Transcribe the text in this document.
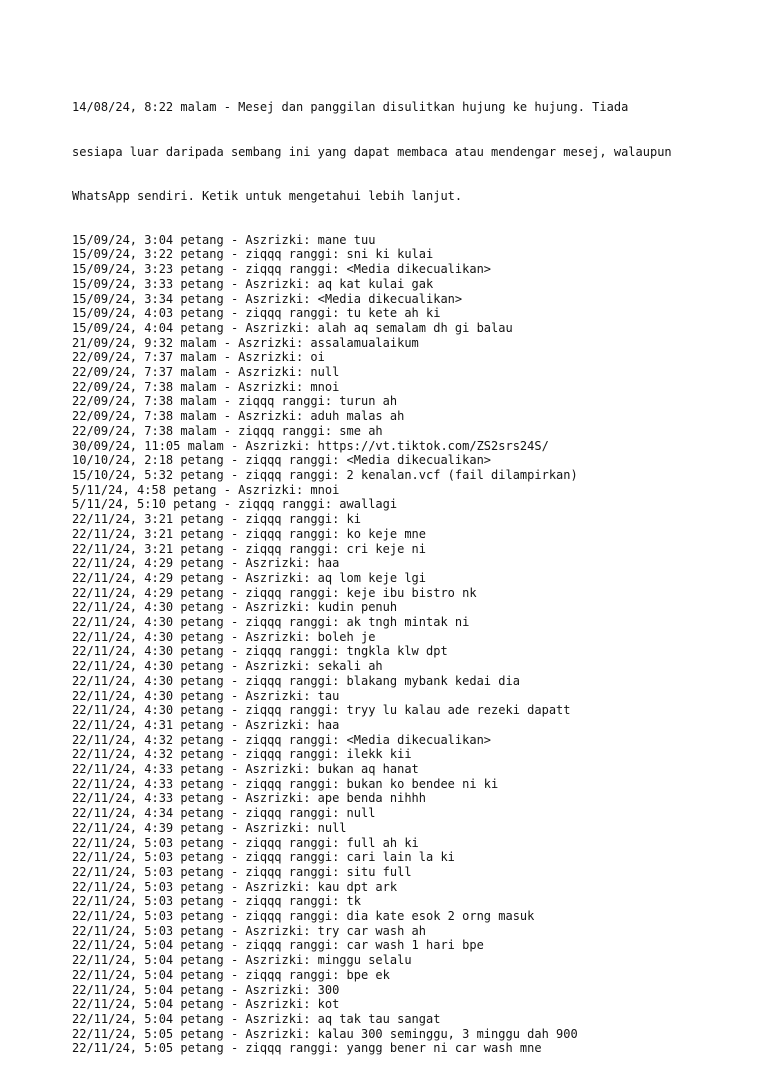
14/08/24, 8:22 malam - Mesej dan panggilan disulitkan hujung ke hujung. Tiada

sesiapa luar daripada sembang ini yang dapat membaca atau mendengar mesej, walaupun

WhatsApp sendiri. Ketik untuk mengetahui lebih lanjut.

15/09/24, 3:04 petang - Aszrizki: mane tuu
15/09/24, 3:22 petang - ziqqq ranggi: sni ki kulai
15/09/24, 3:23 petang - ziqqq ranggi: <Media dikecualikan>
15/09/24, 3:33 petang - Aszrizki: aq kat kulai gak
15/09/24, 3:34 petang - Aszrizki: <Media dikecualikan>
15/09/24, 4:03 petang - ziqqq ranggi: tu kete ah ki
15/09/24, 4:04 petang - Aszrizki: alah aq semalam dh gi balau
21/09/24, 9:32 malam - Aszrizki: assalamualaikum
22/09/24, 7:37 malam - Aszrizki: oi
22/09/24, 7:37 malam - Aszrizki: null
22/09/24, 7:38 malam - Aszrizki: mnoi
22/09/24, 7:38 malam - ziqqq ranggi: turun ah
22/09/24, 7:38 malam - Aszrizki: aduh malas ah
22/09/24, 7:38 malam - ziqqq ranggi: sme ah
30/09/24, 11:05 malam - Aszrizki: https://vt.tiktok.com/ZS2srs24S/
10/10/24, 2:18 petang - ziqqq ranggi: <Media dikecualikan>
15/10/24, 5:32 petang - ziqqq ranggi: 2 kenalan.vcf (fail dilampirkan)
5/11/24, 4:58 petang - Aszrizki: mnoi
5/11/24, 5:10 petang - ziqqq ranggi: awallagi
22/11/24, 3:21 petang - ziqqq ranggi: ki
22/11/24, 3:21 petang - ziqqq ranggi: ko keje mne
22/11/24, 3:21 petang - ziqqq ranggi: cri keje ni
22/11/24, 4:29 petang - Aszrizki: haa
22/11/24, 4:29 petang - Aszrizki: aq lom keje lgi
22/11/24, 4:29 petang - ziqqq ranggi: keje ibu bistro nk
22/11/24, 4:30 petang - Aszrizki: kudin penuh
22/11/24, 4:30 petang - ziqqq ranggi: ak tngh mintak ni
22/11/24, 4:30 petang - Aszrizki: boleh je
22/11/24, 4:30 petang - ziqqq ranggi: tngkla klw dpt
22/11/24, 4:30 petang - Aszrizki: sekali ah
22/11/24, 4:30 petang - ziqqq ranggi: blakang mybank kedai dia
22/11/24, 4:30 petang - Aszrizki: tau
22/11/24, 4:30 petang - ziqqq ranggi: tryy lu kalau ade rezeki dapatt
22/11/24, 4:31 petang - Aszrizki: haa
22/11/24, 4:32 petang - ziqqq ranggi: <Media dikecualikan>
22/11/24, 4:32 petang - ziqqq ranggi: ilekk kii
22/11/24, 4:33 petang - Aszrizki: bukan aq hanat
22/11/24, 4:33 petang - ziqqq ranggi: bukan ko bendee ni ki
22/11/24, 4:33 petang - Aszrizki: ape benda nihhh
22/11/24, 4:34 petang - ziqqq ranggi: null
22/11/24, 4:39 petang - Aszrizki: null
22/11/24, 5:03 petang - ziqqq ranggi: full ah ki
22/11/24, 5:03 petang - ziqqq ranggi: cari lain la ki
22/11/24, 5:03 petang - ziqqq ranggi: situ full
22/11/24, 5:03 petang - Aszrizki: kau dpt ark
22/11/24, 5:03 petang - ziqqq ranggi: tk
22/11/24, 5:03 petang - ziqqq ranggi: dia kate esok 2 orng masuk
22/11/24, 5:03 petang - Aszrizki: try car wash ah
22/11/24, 5:04 petang - ziqqq ranggi: car wash 1 hari bpe
22/11/24, 5:04 petang - Aszrizki: minggu selalu
22/11/24, 5:04 petang - ziqqq ranggi: bpe ek
22/11/24, 5:04 petang - Aszrizki: 300
22/11/24, 5:04 petang - Aszrizki: kot
22/11/24, 5:04 petang - Aszrizki: aq tak tau sangat
22/11/24, 5:05 petang - Aszrizki: kalau 300 seminggu, 3 minggu dah 900
22/11/24, 5:05 petang - ziqqq ranggi: yangg bener ni car wash mne
